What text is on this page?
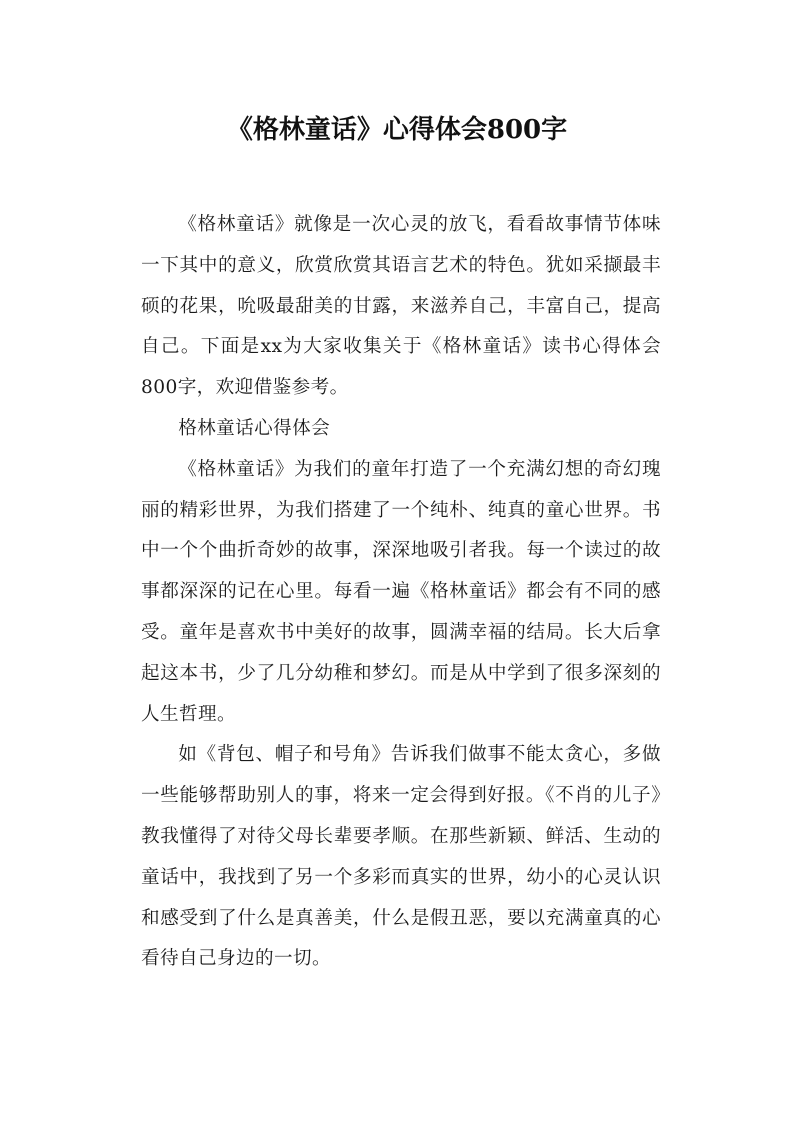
《格林童话》心得体会800字

《格林童话》就像是一次心灵的放飞，看看故事情节体味一下其中的意义，欣赏欣赏其语言艺术的特色。犹如采撷最丰硕的花果，吮吸最甜美的甘露，来滋养自己，丰富自己，提高自己。下面是xx为大家收集关于《格林童话》读书心得体会800字，欢迎借鉴参考。

格林童话心得体会

《格林童话》为我们的童年打造了一个充满幻想的奇幻瑰丽的精彩世界，为我们搭建了一个纯朴、纯真的童心世界。书中一个个曲折奇妙的故事，深深地吸引者我。每一个读过的故事都深深的记在心里。每看一遍《格林童话》都会有不同的感受。童年是喜欢书中美好的故事，圆满幸福的结局。长大后拿起这本书，少了几分幼稚和梦幻。而是从中学到了很多深刻的人生哲理。

如《背包、帽子和号角》告诉我们做事不能太贪心，多做一些能够帮助别人的事，将来一定会得到好报。《不肖的儿子》教我懂得了对待父母长辈要孝顺。在那些新颖、鲜活、生动的童话中，我找到了另一个多彩而真实的世界，幼小的心灵认识和感受到了什么是真善美，什么是假丑恶，要以充满童真的心看待自己身边的一切。
